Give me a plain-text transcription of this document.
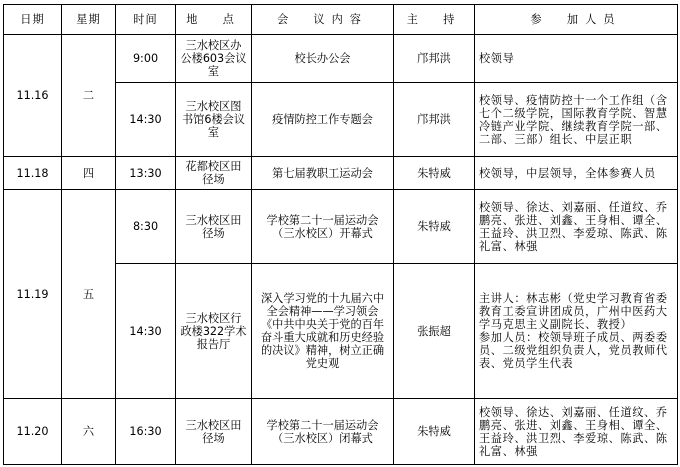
日期	星期	时间	地　点	会　议内容	主　持	参　加人员
11.16	二	9:00	三水校区办公楼603会议室	校长办公会	邝邦洪	校领导

		14:30	三水校区图书馆6楼会议室	疫情防控工作专题会	邝邦洪	校领导、疫情防控十一个工作组（含七个二级学院，国际教育学院、智慧冷链产业学院、继续教育学院一部、二部、三部）组长、中层正职

11.18	四	13:30	花都校区田径场	第七届教职工运动会	朱特威	校领导，中层领导，全体参赛人员

11.19	五	8:30	三水校区田径场	学校第二十一届运动会（三水校区）开幕式	朱特威	校领导、徐达、刘嘉丽、任道纹、乔鹏亮、张进、刘鑫、王身相、谭全、王益玲、洪卫烈、李爱琼、陈武、陈礼富、林强

		14:30	三水校区行政楼322学术报告厅	深入学习党的十九届六中全会精神——学习领会《中共中央关于党的百年奋斗重大成就和历史经验的决议》精神，树立正确党史观	张振超	主讲人：林志彬（党史学习教育省委教育工委宣讲团成员，广州中医药大学马克思主义副院长、教授）
参加人员：校领导班子成员、两委委员、二级党组织负责人，党员教师代表、党员学生代表

11.20	六	16:30	三水校区田径场	学校第二十一届运动会（三水校区）闭幕式	朱特威	校领导、徐达、刘嘉丽、任道纹、乔鹏亮、张进、刘鑫、王身相、谭全、王益玲、洪卫烈、李爱琼、陈武、陈礼富、林强
